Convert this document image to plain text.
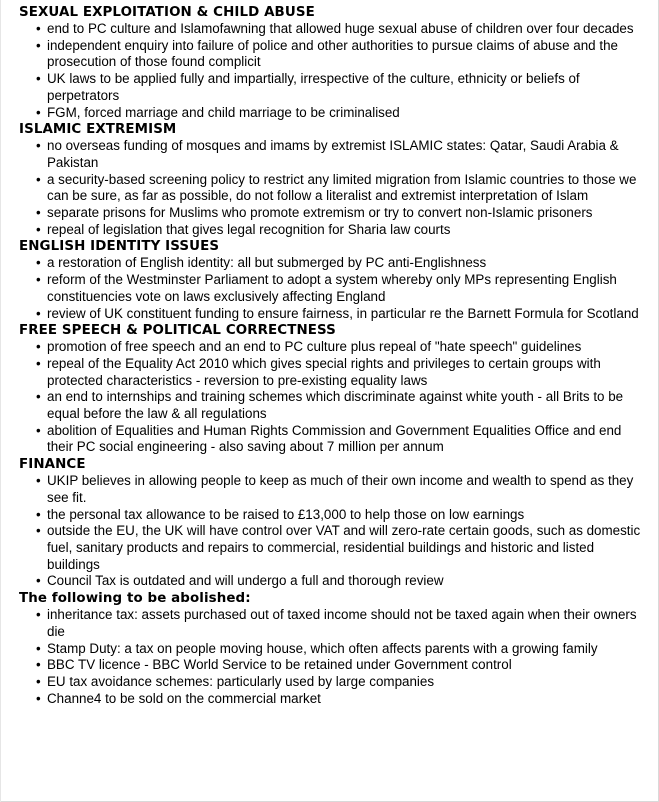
SEXUAL EXPLOITATION & CHILD ABUSE
• end to PC culture and Islamofawning that allowed huge sexual abuse of children over four decades
• independent enquiry into failure of police and other authorities to pursue claims of abuse and the prosecution of those found complicit
• UK laws to be applied fully and impartially, irrespective of the culture, ethnicity or beliefs of perpetrators
• FGM, forced marriage and child marriage to be criminalised
ISLAMIC EXTREMISM
• no overseas funding of mosques and imams by extremist ISLAMIC states: Qatar, Saudi Arabia & Pakistan
• a security-based screening policy to restrict any limited migration from Islamic countries to those we can be sure, as far as possible, do not follow a literalist and extremist interpretation of Islam
• separate prisons for Muslims who promote extremism or try to convert non-Islamic prisoners
• repeal of legislation that gives legal recognition for Sharia law courts
ENGLISH IDENTITY ISSUES
• a restoration of English identity: all but submerged by PC anti-Englishness
• reform of the Westminster Parliament to adopt a system whereby only MPs representing English constituencies vote on laws exclusively affecting England
• review of UK constituent funding to ensure fairness, in particular re the Barnett Formula for Scotland
FREE SPEECH & POLITICAL CORRECTNESS
• promotion of free speech and an end to PC culture plus repeal of "hate speech" guidelines
• repeal of the Equality Act 2010 which gives special rights and privileges to certain groups with protected characteristics - reversion to pre-existing equality laws
• an end to internships and training schemes which discriminate against white youth - all Brits to be equal before the law & all regulations
• abolition of Equalities and Human Rights Commission and Government Equalities Office and end their PC social engineering - also saving about 7 million per annum
FINANCE
• UKIP believes in allowing people to keep as much of their own income and wealth to spend as they see fit.
• the personal tax allowance to be raised to £13,000 to help those on low earnings
• outside the EU, the UK will have control over VAT and will zero-rate certain goods, such as domestic fuel, sanitary products and repairs to commercial, residential buildings and historic and listed buildings
• Council Tax is outdated and will undergo a full and thorough review
The following to be abolished:
• inheritance tax: assets purchased out of taxed income should not be taxed again when their owners die
• Stamp Duty: a tax on people moving house, which often affects parents with a growing family
• BBC TV licence - BBC World Service to be retained under Government control
• EU tax avoidance schemes: particularly used by large companies
• Channe4 to be sold on the commercial market
